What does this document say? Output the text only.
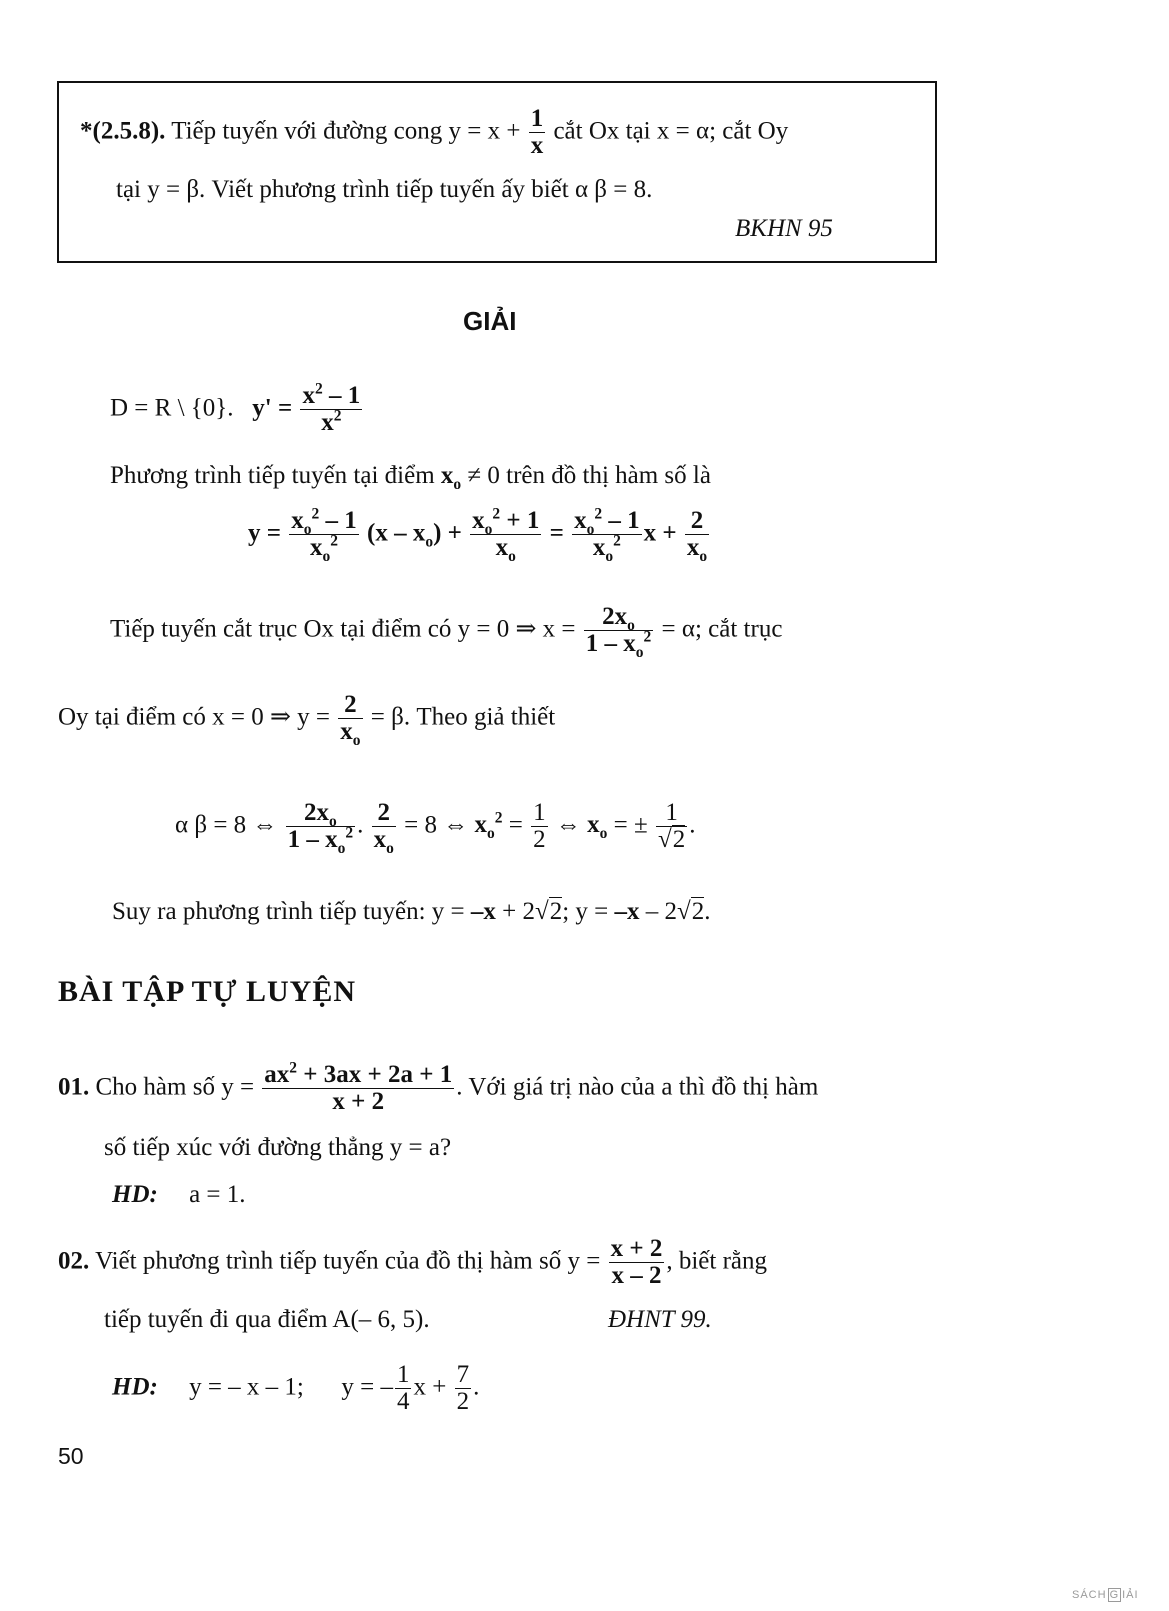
*(2.5.8). Tiếp tuyến với đường cong $y = x + \frac{1}{x}$ cắt Ox tại x = α; cắt Oy
tại y = β. Viết phương trình tiếp tuyến ấy biết α β = 8.
BKHN 95
GIẢI
D = R \ {0}. $y' = \frac{x^2 - 1}{x^2}$
Phương trình tiếp tuyến tại điểm $x_o \ne 0$ trên đồ thị hàm số là
$y = \frac{x_o^2 - 1}{x_o^2} (x - x_o) + \frac{x_o^2 + 1}{x_o} = \frac{x_o^2 - 1}{x_o^2}$ $x + \frac{2}{x_o}$
Tiếp tuyến cắt trục Ox tại điểm có y = 0 ⇒ $x = \frac{2x_o}{1 - x_o^2} = \alpha$; cắt trục
Oy tại điểm có x = 0 ⇒ $y = \frac{2}{x_o} = \beta$. Theo giả thiết
α β = 8 ⇔ $\frac{2x_o}{1 - x_o^2}$ . $\frac{2}{x_o} = 8$ ⇔ $x_o^2 = \frac{1}{2}$ ⇔ $x_o$ = ± $\frac{1}{√2}$ .
Suy ra phương trình tiếp tuyến: y = –x + 2√2; y = –x – 2√2.
BÀI TẬP TỰ LUYỆN
01. Cho hàm số $y = \frac{ax^2 + 3ax + 2a + 1}{x + 2}$ . Với giá trị nào của a thì đồ thị hàm
số tiếp xúc với đường thẳng y = a?
HD: a = 1.
02. Viết phương trình tiếp tuyến của đồ thị hàm số $y = \frac{x + 2}{x - 2}$ , biết rằng
tiếp tuyến đi qua điểm A(– 6, 5).	ĐHNT 99.
HD: y = – x – 1;      y = – $\frac{1}{4}$ $x + \frac{7}{2}$ .
50
SÁCH G IẢI
